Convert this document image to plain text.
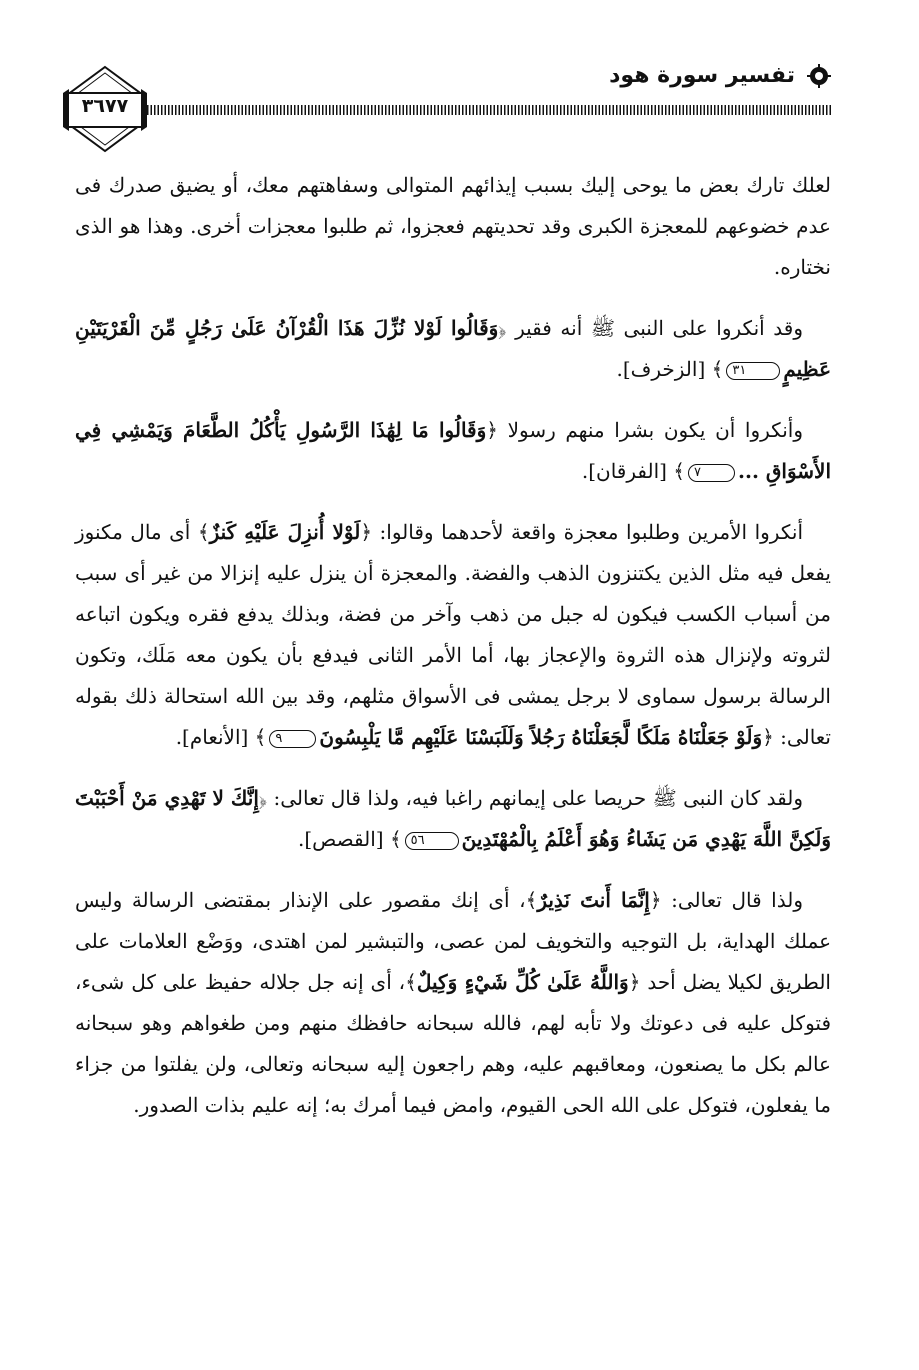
تفسير سورة هود
٣٦٧٧

لعلك تارك بعض ما يوحى إليك بسبب إيذائهم المتوالى وسفاهتهم معك، أو يضيق صدرك فى عدم خضوعهم للمعجزة الكبرى وقد تحديتهم فعجزوا، ثم طلبوا معجزات أخرى. وهذا هو الذى نختاره.

وقد أنكروا على النبى ﷺ أنه فقير ﴿وَقَالُوا لَوْلا نُزِّلَ هَذَا الْقُرْآنُ عَلَىٰ رَجُلٍ مِّنَ الْقَرْيَتَيْنِ عَظِيمٍ٣١﴾ [الزخرف].

وأنكروا أن يكون بشرا منهم رسولا ﴿وَقَالُوا مَا لِهَٰذَا الرَّسُولِ يَأْكُلُ الطَّعَامَ وَيَمْشِي فِي الأَسْوَاقِ ...٧﴾ [الفرقان].

أنكروا الأمرين وطلبوا معجزة واقعة لأحدهما وقالوا: ﴿لَوْلا أُنزِلَ عَلَيْهِ كَنزٌ﴾ أى مال مكنوز يفعل فيه مثل الذين يكتنزون الذهب والفضة. والمعجزة أن ينزل عليه إنزالا من غير أى سبب من أسباب الكسب فيكون له جبل من ذهب وآخر من فضة، وبذلك يدفع فقره ويكون اتباعه لثروته ولإنزال هذه الثروة والإعجاز بها، أما الأمر الثانى فيدفع بأن يكون معه مَلَك، وتكون الرسالة برسول سماوى لا برجل يمشى فى الأسواق مثلهم، وقد بين الله استحالة ذلك بقوله تعالى: ﴿وَلَوْ جَعَلْنَاهُ مَلَكًا لَّجَعَلْنَاهُ رَجُلاً وَلَلَبَسْنَا عَلَيْهِم مَّا يَلْبِسُونَ٩﴾ [الأنعام].

ولقد كان النبى ﷺ حريصا على إيمانهم راغبا فيه، ولذا قال تعالى: ﴿إِنَّكَ لا تَهْدِي مَنْ أَحْبَبْتَ وَلَكِنَّ اللَّهَ يَهْدِي مَن يَشَاءُ وَهُوَ أَعْلَمُ بِالْمُهْتَدِينَ٥٦﴾ [القصص].

ولذا قال تعالى: ﴿إِنَّمَا أَنتَ نَذِيرٌ﴾، أى إنك مقصور على الإنذار بمقتضى الرسالة وليس عملك الهداية، بل التوجيه والتخويف لمن عصى، والتبشير لمن اهتدى، ووَضْع العلامات على الطريق لكيلا يضل أحد ﴿وَاللَّهُ عَلَىٰ كُلِّ شَيْءٍ وَكِيلٌ﴾، أى إنه جل جلاله حفيظ على كل شىء، فتوكل عليه فى دعوتك ولا تأبه لهم، فالله سبحانه حافظك منهم ومن طغواهم وهو سبحانه عالم بكل ما يصنعون، ومعاقبهم عليه، وهم راجعون إليه سبحانه وتعالى، ولن يفلتوا من جزاء ما يفعلون، فتوكل على الله الحى القيوم، وامض فيما أمرك به؛ إنه عليم بذات الصدور.
